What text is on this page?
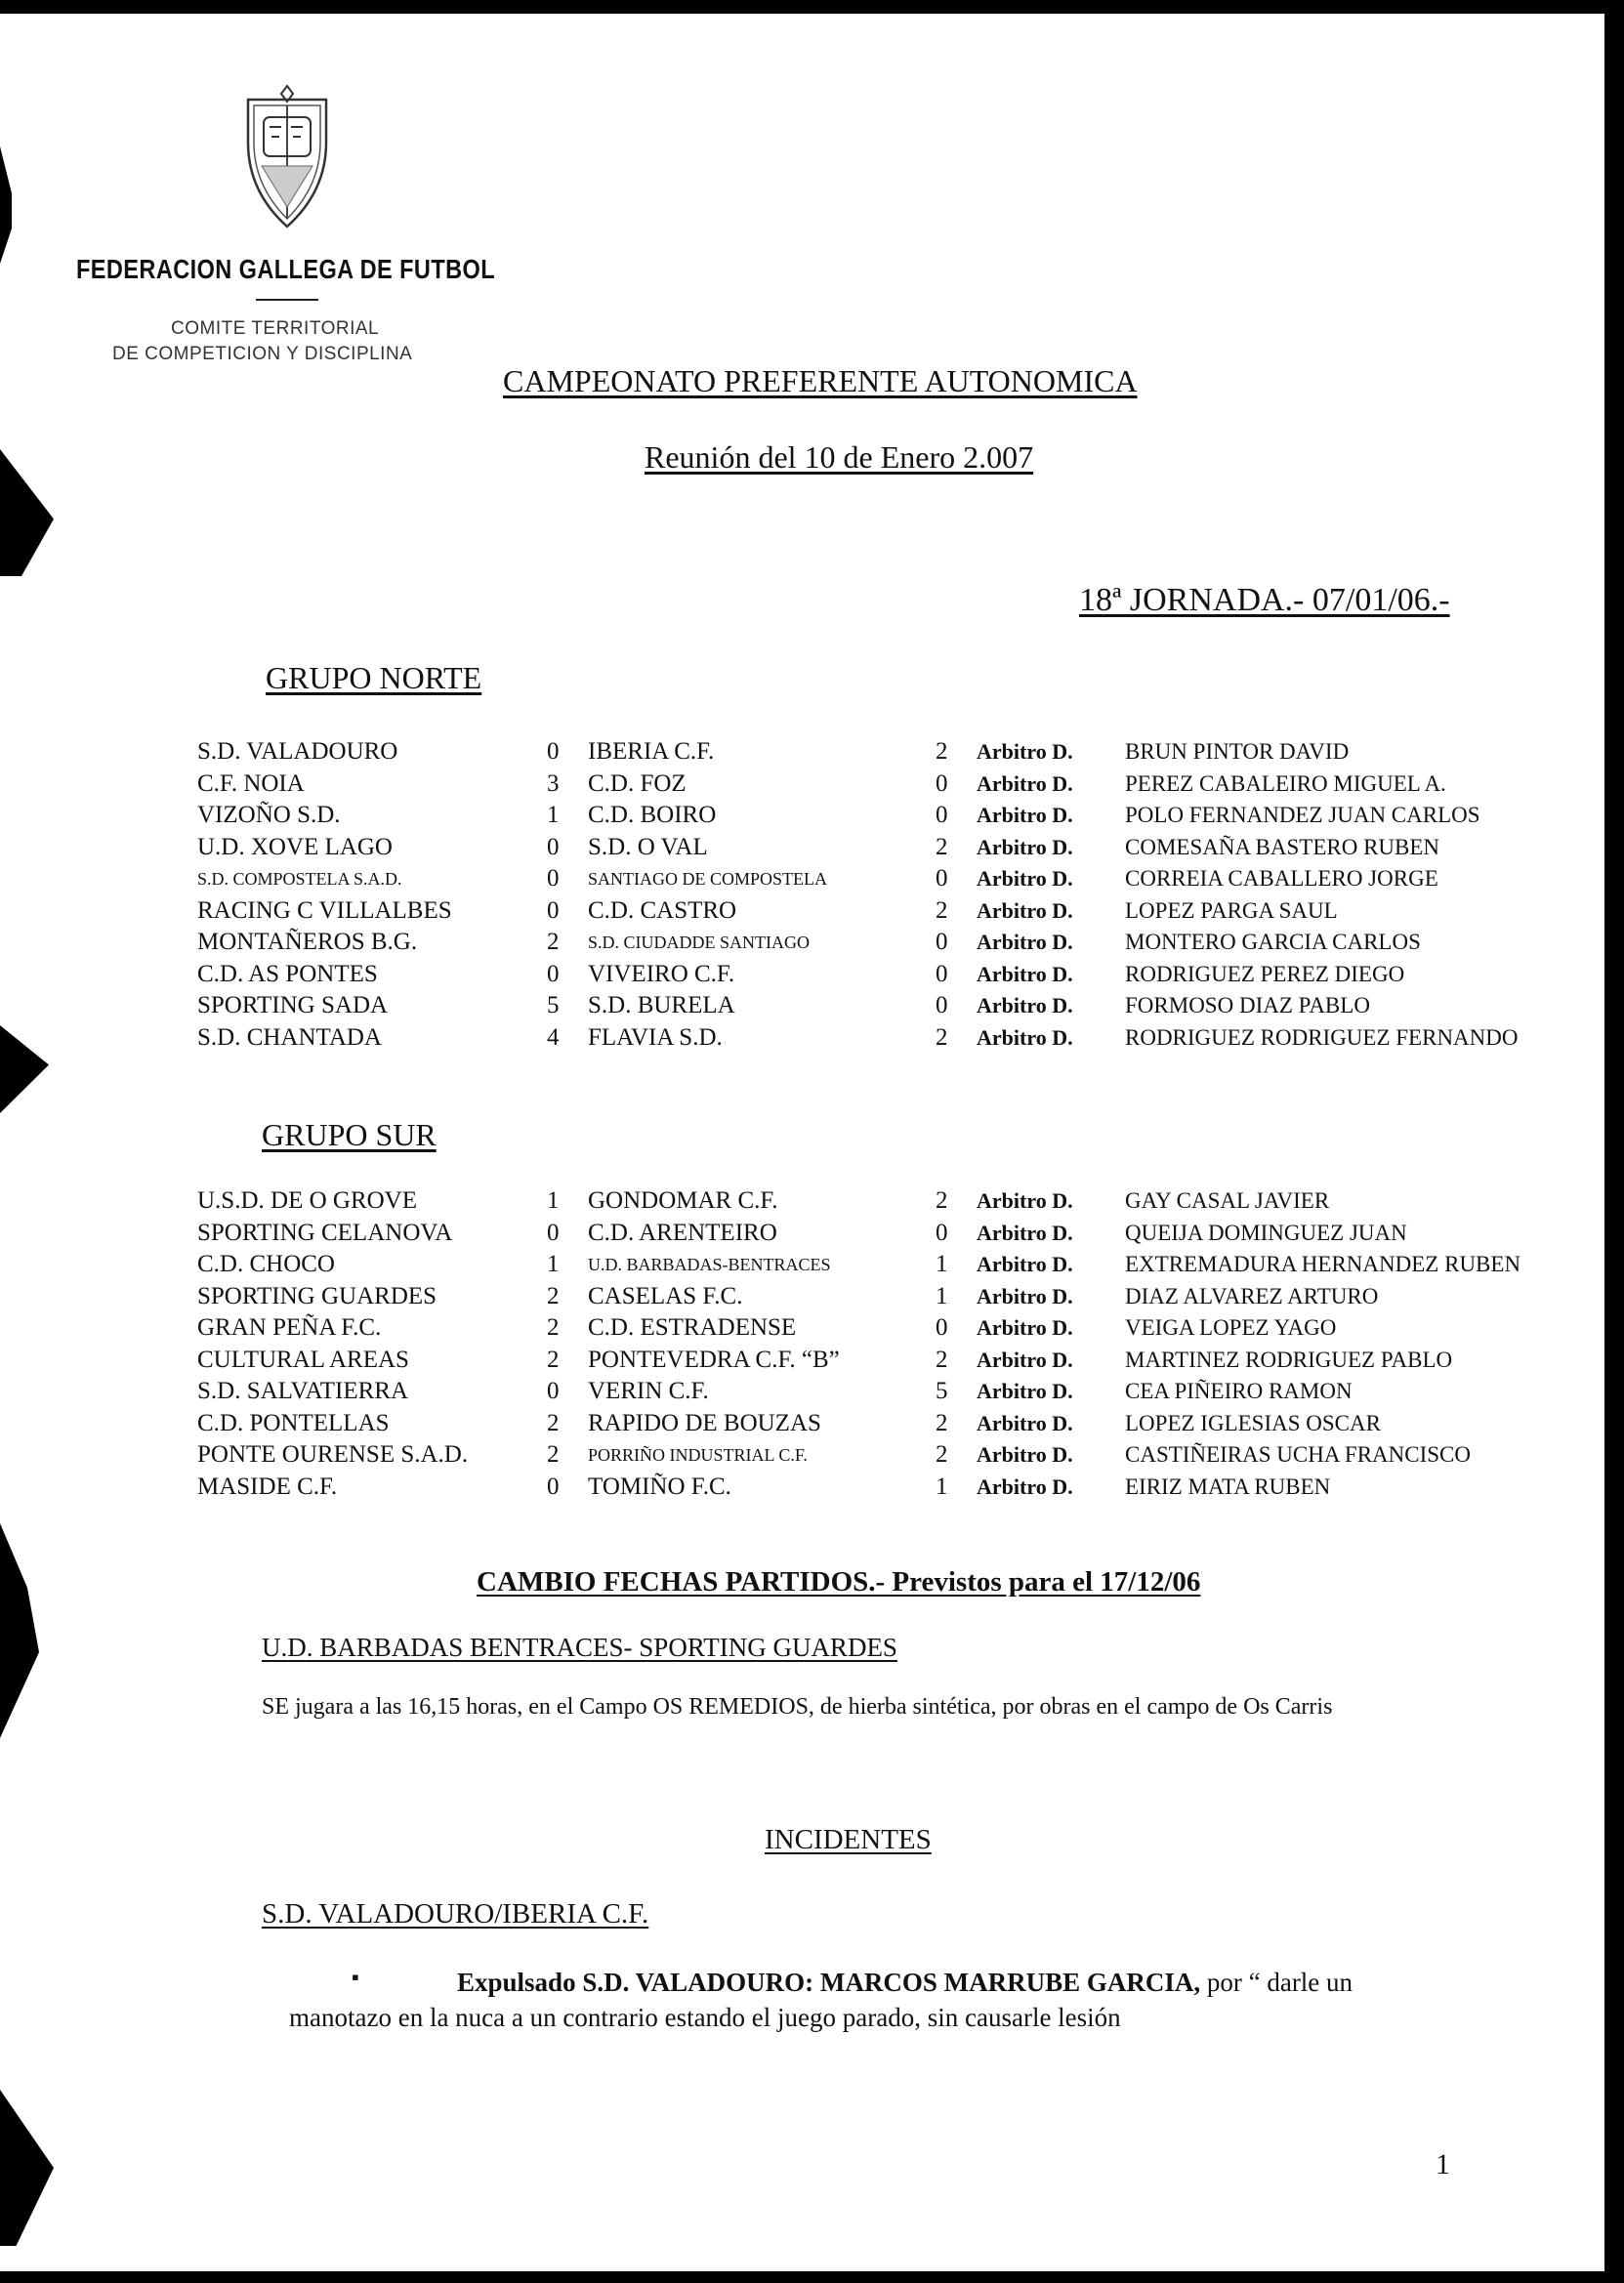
FEDERACION GALLEGA DE FUTBOL
COMITE TERRITORIAL
DE COMPETICION Y DISCIPLINA
CAMPEONATO PREFERENTE AUTONOMICA
Reunión del 10 de Enero 2.007
18ª JORNADA.- 07/01/06.-
GRUPO NORTE
S.D. VALADOURO	0 IBERIA C.F.	2 Arbitro D. BRUN PINTOR DAVID
C.F. NOIA	3 C.D. FOZ	0 Arbitro D. PEREZ CABALEIRO MIGUEL A.
VIZOÑO S.D.	1 C.D. BOIRO	0 Arbitro D. POLO FERNANDEZ JUAN CARLOS
U.D. XOVE LAGO	0 S.D. O VAL	2 Arbitro D. COMESAÑA BASTERO RUBEN
S.D. COMPOSTELA S.A.D.	0 SANTIAGO DE COMPOSTELA	0 Arbitro D. CORREIA CABALLERO JORGE
RACING C VILLALBES	0 C.D. CASTRO	2 Arbitro D. LOPEZ PARGA SAUL
MONTAÑEROS B.G.	2 S.D. CIUDADDE SANTIAGO	0 Arbitro D. MONTERO GARCIA CARLOS
C.D. AS PONTES	0 VIVEIRO C.F.	0 Arbitro D. RODRIGUEZ PEREZ DIEGO
SPORTING SADA	5 S.D. BURELA	0 Arbitro D. FORMOSO DIAZ PABLO
S.D. CHANTADA	4 FLAVIA S.D.	2 Arbitro D. RODRIGUEZ RODRIGUEZ FERNANDO
GRUPO SUR
U.S.D. DE O GROVE	1 GONDOMAR C.F.	2 Arbitro D. GAY CASAL JAVIER
SPORTING CELANOVA	0 C.D. ARENTEIRO	0 Arbitro D. QUEIJA DOMINGUEZ JUAN
C.D. CHOCO	1 U.D. BARBADAS-BENTRACES	1 Arbitro D. EXTREMADURA HERNANDEZ RUBEN
SPORTING GUARDES	2 CASELAS F.C.	1 Arbitro D. DIAZ ALVAREZ ARTURO
GRAN PEÑA F.C.	2 C.D. ESTRADENSE	0 Arbitro D. VEIGA LOPEZ YAGO
CULTURAL AREAS	2 PONTEVEDRA C.F. “B”	2 Arbitro D. MARTINEZ RODRIGUEZ PABLO
S.D. SALVATIERRA	0 VERIN C.F.	5 Arbitro D. CEA PIÑEIRO RAMON
C.D. PONTELLAS	2 RAPIDO DE BOUZAS	2 Arbitro D. LOPEZ IGLESIAS OSCAR
PONTE OURENSE S.A.D.	2 PORRIÑO INDUSTRIAL C.F.	2 Arbitro D. CASTIÑEIRAS UCHA FRANCISCO
MASIDE C.F.	0 TOMIÑO F.C.	1 Arbitro D. EIRIZ MATA RUBEN
CAMBIO FECHAS PARTIDOS.- Previstos para el 17/12/06
U.D. BARBADAS BENTRACES- SPORTING GUARDES
SE jugara a las 16,15 horas, en el Campo OS REMEDIOS, de hierba sintética, por obras en el campo de Os Carris
INCIDENTES
S.D. VALADOURO/IBERIA C.F.
▪	Expulsado S.D. VALADOURO: MARCOS MARRUBE GARCIA, por “ darle un manotazo en la nuca a un contrario estando el juego parado, sin causarle lesión
1
